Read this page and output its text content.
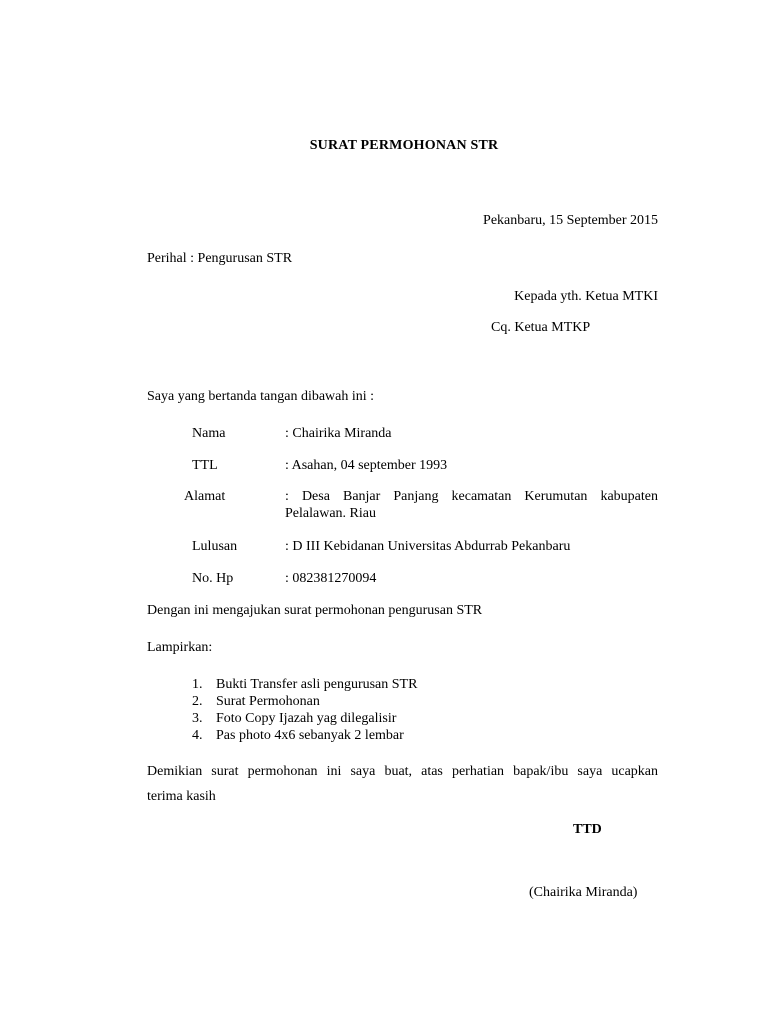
SURAT PERMOHONAN STR
Pekanbaru, 15 September 2015
Perihal : Pengurusan STR
Kepada yth. Ketua MTKI
Cq. Ketua MTKP
Saya yang bertanda tangan dibawah ini :
Nama	: Chairika Miranda
TTL	: Asahan, 04 september 1993
Alamat	: Desa Banjar Panjang kecamatan Kerumutan kabupaten
Pelalawan. Riau
Lulusan	: D III Kebidanan Universitas Abdurrab Pekanbaru
No. Hp	: 082381270094
Dengan ini mengajukan surat permohonan pengurusan STR
Lampirkan:
1. Bukti Transfer asli pengurusan STR
2. Surat Permohonan
3. Foto Copy Ijazah yag dilegalisir
4. Pas photo 4x6 sebanyak 2 lembar
Demikian surat permohonan ini saya buat, atas perhatian bapak/ibu saya ucapkan
terima kasih
TTD
(Chairika Miranda)
